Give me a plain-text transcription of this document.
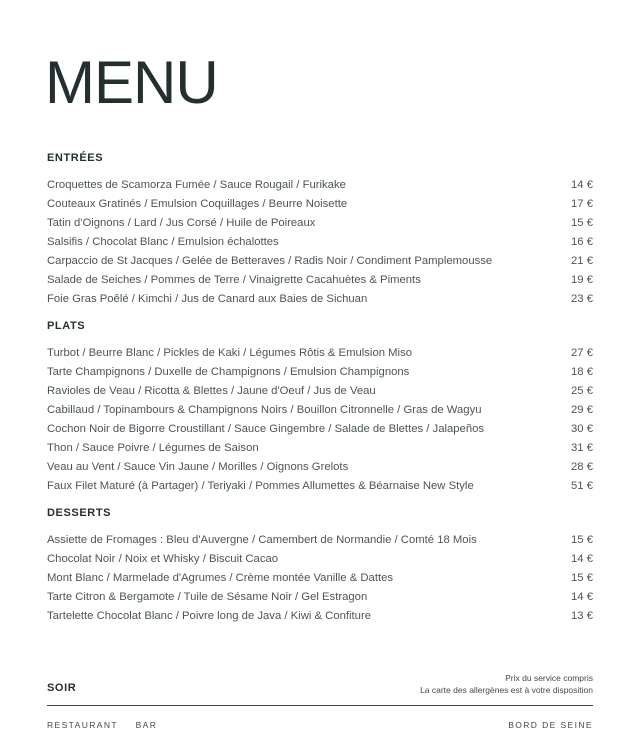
MENU
ENTRÉES
Croquettes de Scamorza Fumée / Sauce Rougail / Furikake	14 €
Couteaux Gratinés / Emulsion Coquillages / Beurre Noisette	17 €
Tatin d'Oignons / Lard / Jus Corsé / Huile de Poireaux	15 €
Salsifis / Chocolat Blanc / Emulsion échalottes	16 €
Carpaccio de St Jacques / Gelée de Betteraves / Radis Noir / Condiment Pamplemousse	21 €
Salade de Seiches / Pommes de Terre / Vinaigrette Cacahuètes & Piments	19 €
Foie Gras Poêlé / Kimchi / Jus de Canard aux Baies de Sichuan	23 €
PLATS
Turbot / Beurre Blanc / Pickles de Kaki / Légumes Rôtis & Emulsion Miso	27 €
Tarte Champignons / Duxelle de Champignons / Emulsion Champignons	18 €
Ravioles de Veau / Ricotta & Blettes / Jaune d'Oeuf / Jus de Veau	25 €
Cabillaud / Topinambours & Champignons Noirs / Bouillon Citronnelle / Gras de Wagyu	29 €
Cochon Noir de Bigorre Croustillant / Sauce Gingembre / Salade de Blettes / Jalapeños	30 €
Thon / Sauce Poivre / Légumes de Saison	31 €
Veau au Vent / Sauce Vin Jaune / Morilles / Oignons Grelots	28 €
Faux Filet Maturé (à Partager) / Teriyaki / Pommes Allumettes & Béarnaise New Style	51 €
DESSERTS
Assiette de Fromages : Bleu d'Auvergne / Camembert de Normandie / Comté 18 Mois	15 €
Chocolat Noir / Noix et Whisky / Biscuit Cacao	14 €
Mont Blanc / Marmelade d'Agrumes / Crème montée Vanille & Dattes	15 €
Tarte Citron & Bergamote / Tuile de Sésame Noir / Gel Estragon	14 €
Tartelette Chocolat Blanc / Poivre long de Java / Kiwi & Confiture	13 €
Prix du service compris
La carte des allergènes est à votre disposition
SOIR
RESTAURANT BAR	BORD DE SEINE
